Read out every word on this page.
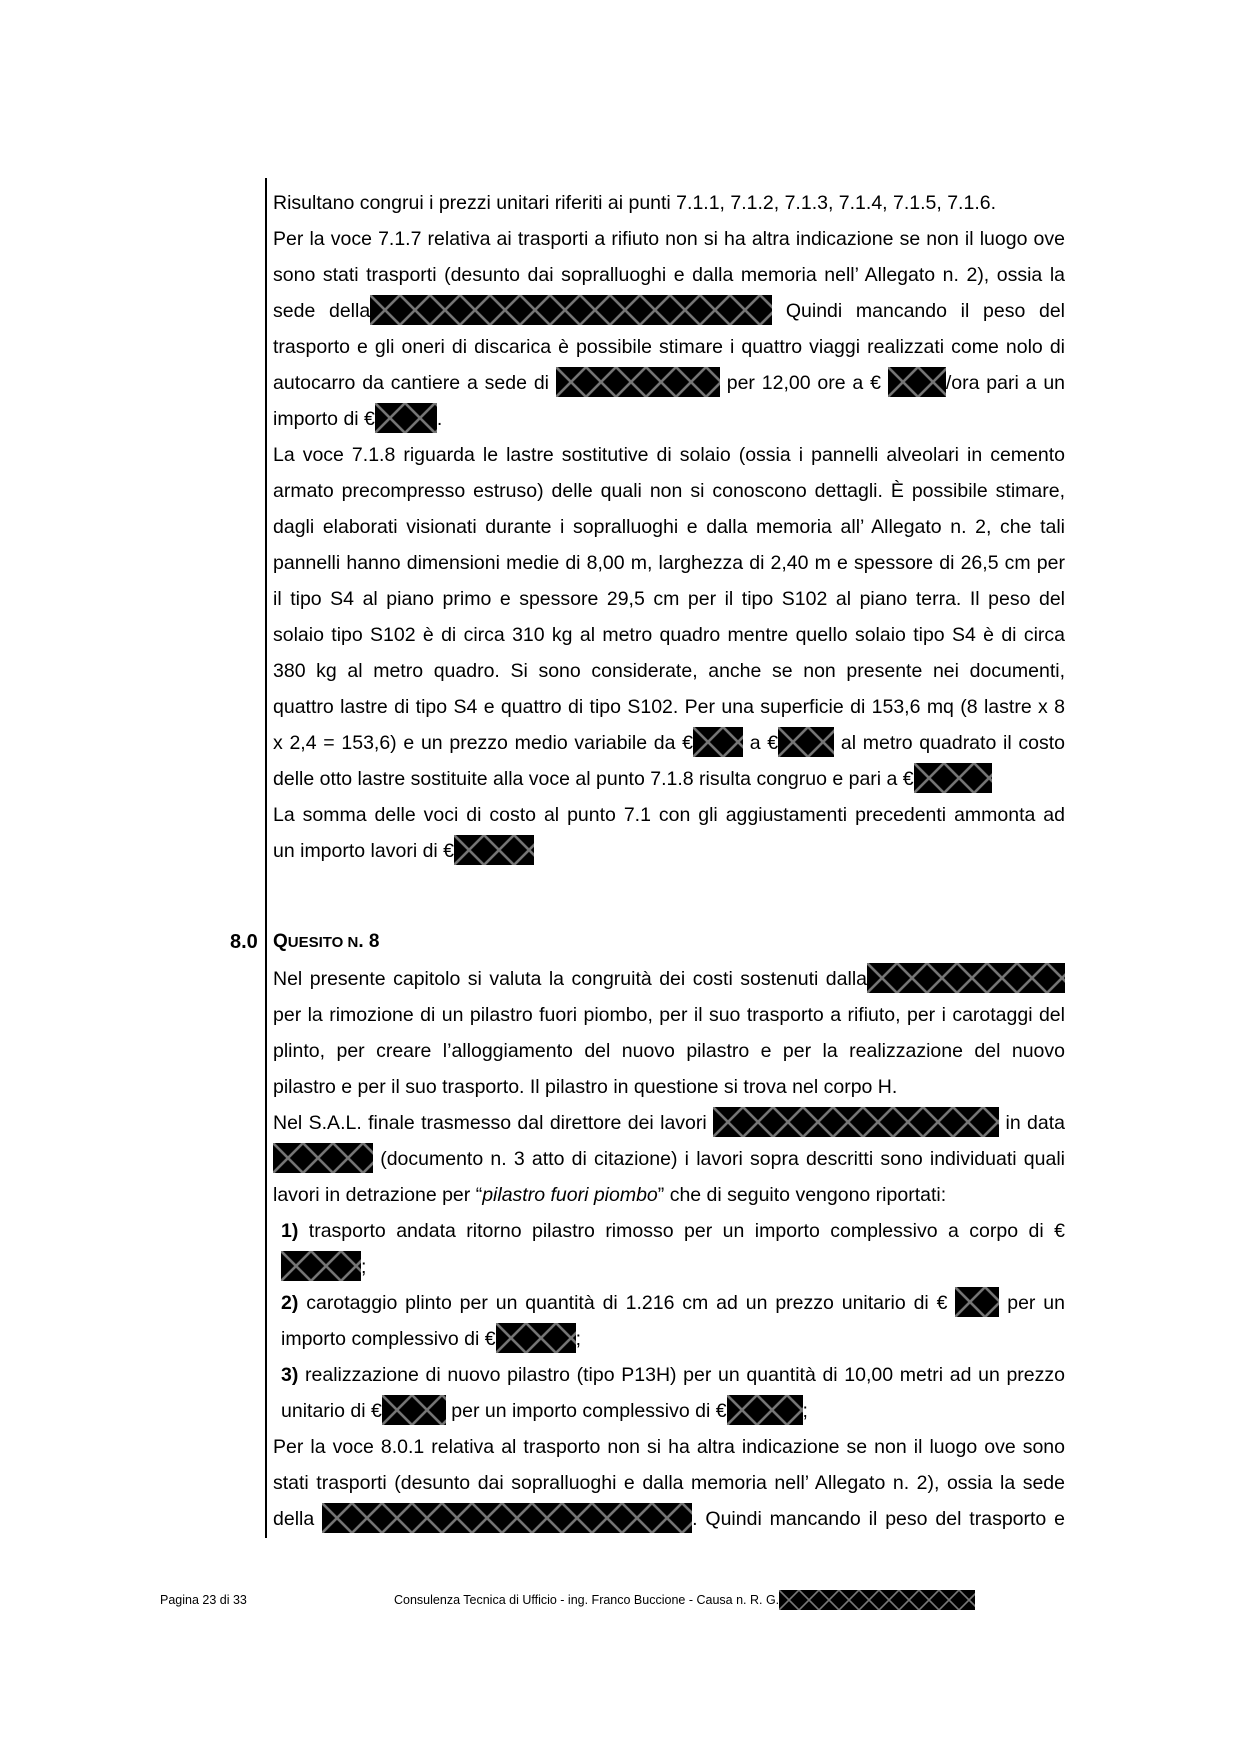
Risultano congrui i prezzi unitari riferiti ai punti 7.1.1, 7.1.2, 7.1.3, 7.1.4, 7.1.5, 7.1.6.
Per la voce 7.1.7 relativa ai trasporti a rifiuto non si ha altra indicazione se non il luogo ove
sono stati trasporti (desunto dai sopralluoghi e dalla memoria nell’ Allegato n. 2), ossia la
sede della	Quindi mancando il peso del
trasporto e gli oneri di discarica è possibile stimare i quattro viaggi realizzati come nolo di
autocarro da cantiere a sede di	per 12,00 ore a €	/ora pari a un
importo di €	.
La voce 7.1.8 riguarda le lastre sostitutive di solaio (ossia i pannelli alveolari in cemento
armato precompresso estruso) delle quali non si conoscono dettagli. È possibile stimare,
dagli elaborati visionati durante i sopralluoghi e dalla memoria all’ Allegato n. 2, che tali
pannelli hanno dimensioni medie di 8,00 m, larghezza di 2,40 m e spessore di 26,5 cm per
il tipo S4 al piano primo e spessore 29,5 cm per il tipo S102 al piano terra. Il peso del
solaio tipo S102 è di circa 310 kg al metro quadro mentre quello solaio tipo S4 è di circa
380 kg al metro quadro. Si sono considerate, anche se non presente nei documenti,
quattro lastre di tipo S4 e quattro di tipo S102. Per una superficie di 153,6 mq (8 lastre x 8
x 2,4 = 153,6) e un prezzo medio variabile da €	a €	al metro quadrato il costo
delle otto lastre sostituite alla voce al punto 7.1.8 risulta congruo e pari a €
La somma delle voci di costo al punto 7.1 con gli aggiustamenti precedenti ammonta ad
un importo lavori di €
8.0 QUESITO N. 8
Nel presente capitolo si valuta la congruità dei costi sostenuti dalla
per la rimozione di un pilastro fuori piombo, per il suo trasporto a rifiuto, per i carotaggi del
plinto, per creare l’alloggiamento del nuovo pilastro e per la realizzazione del nuovo
pilastro e per il suo trasporto. Il pilastro in questione si trova nel corpo H.
Nel S.A.L. finale trasmesso dal direttore dei lavori	in data
(documento n. 3 atto di citazione) i lavori sopra descritti sono individuati quali
lavori in detrazione per “pilastro fuori piombo” che di seguito vengono riportati:
1) trasporto andata ritorno pilastro rimosso per un importo complessivo a corpo di €
;
2) carotaggio plinto per un quantità di 1.216 cm ad un prezzo unitario di €	per un
importo complessivo di €	;
3) realizzazione di nuovo pilastro (tipo P13H) per un quantità di 10,00 metri ad un prezzo
unitario di €	per un importo complessivo di €	;
Per la voce 8.0.1 relativa al trasporto non si ha altra indicazione se non il luogo ove sono
stati trasporti (desunto dai sopralluoghi e dalla memoria nell’ Allegato n. 2), ossia la sede
della	. Quindi mancando il peso del trasporto e
Pagina 23 di 33	Consulenza Tecnica di Ufficio - ing. Franco Buccione - Causa n. R. G.
